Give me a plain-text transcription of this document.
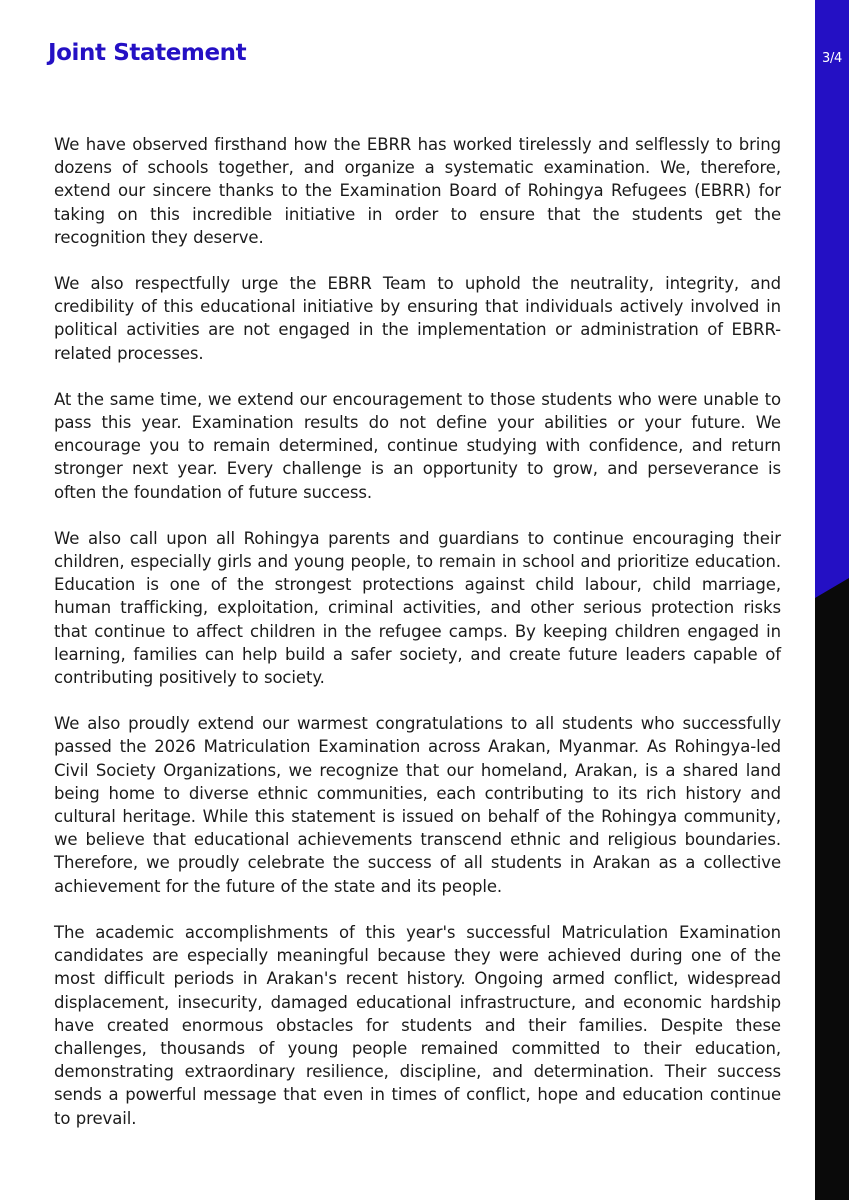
3/4
Joint Statement

We have observed firsthand how the EBRR has worked tirelessly and selflessly to bring dozens of schools together, and organize a systematic examination. We, therefore, extend our sincere thanks to the Examination Board of Rohingya Refugees (EBRR) for taking on this incredible initiative in order to ensure that the students get the recognition they deserve.

We also respectfully urge the EBRR Team to uphold the neutrality, integrity, and credibility of this educational initiative by ensuring that individuals actively involved in political activities are not engaged in the implementation or administration of EBRR-related processes.

At the same time, we extend our encouragement to those students who were unable to pass this year. Examination results do not define your abilities or your future. We encourage you to remain determined, continue studying with confidence, and return stronger next year. Every challenge is an opportunity to grow, and perseverance is often the foundation of future success.

We also call upon all Rohingya parents and guardians to continue encouraging their children, especially girls and young people, to remain in school and prioritize education. Education is one of the strongest protections against child labour, child marriage, human trafficking, exploitation, criminal activities, and other serious protection risks that continue to affect children in the refugee camps. By keeping children engaged in learning, families can help build a safer society, and create future leaders capable of contributing positively to society.

We also proudly extend our warmest congratulations to all students who successfully passed the 2026 Matriculation Examination across Arakan, Myanmar. As Rohingya-led Civil Society Organizations, we recognize that our homeland, Arakan, is a shared land being home to diverse ethnic communities, each contributing to its rich history and cultural heritage. While this statement is issued on behalf of the Rohingya community, we believe that educational achievements transcend ethnic and religious boundaries. Therefore, we proudly celebrate the success of all students in Arakan as a collective achievement for the future of the state and its people.

The academic accomplishments of this year's successful Matriculation Examination candidates are especially meaningful because they were achieved during one of the most difficult periods in Arakan's recent history. Ongoing armed conflict, widespread displacement, insecurity, damaged educational infrastructure, and economic hardship have created enormous obstacles for students and their families. Despite these challenges, thousands of young people remained committed to their education, demonstrating extraordinary resilience, discipline, and determination. Their success sends a powerful message that even in times of conflict, hope and education continue to prevail.
